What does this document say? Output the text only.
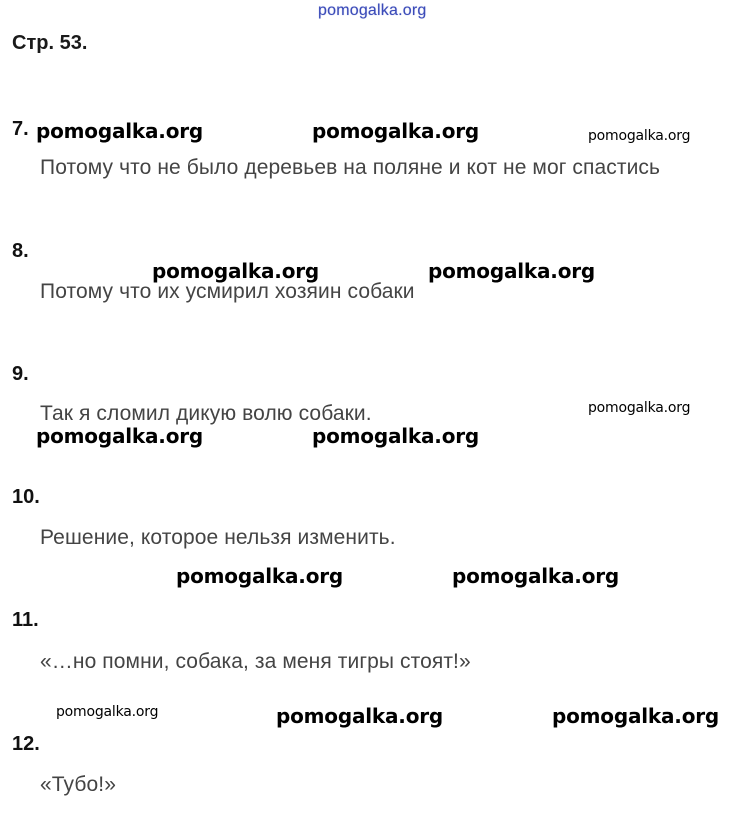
pomogalka.org
Стр. 53.
7.
Потому что не было деревьев на поляне и кот не мог спастись
8.
Потому что их усмирил хозяин собаки
9.
Так я сломил дикую волю собаки.
10.
Решение, которое нельзя изменить.
11.
«…но помни, собака, за меня тигры стоят!»
12.
«Тубо!»
pomogalka.org	pomogalka.org	pomogalka.org
pomogalka.org	pomogalka.org
pomogalka.org
pomogalka.org	pomogalka.org
pomogalka.org	pomogalka.org
pomogalka.org	pomogalka.org	pomogalka.org
